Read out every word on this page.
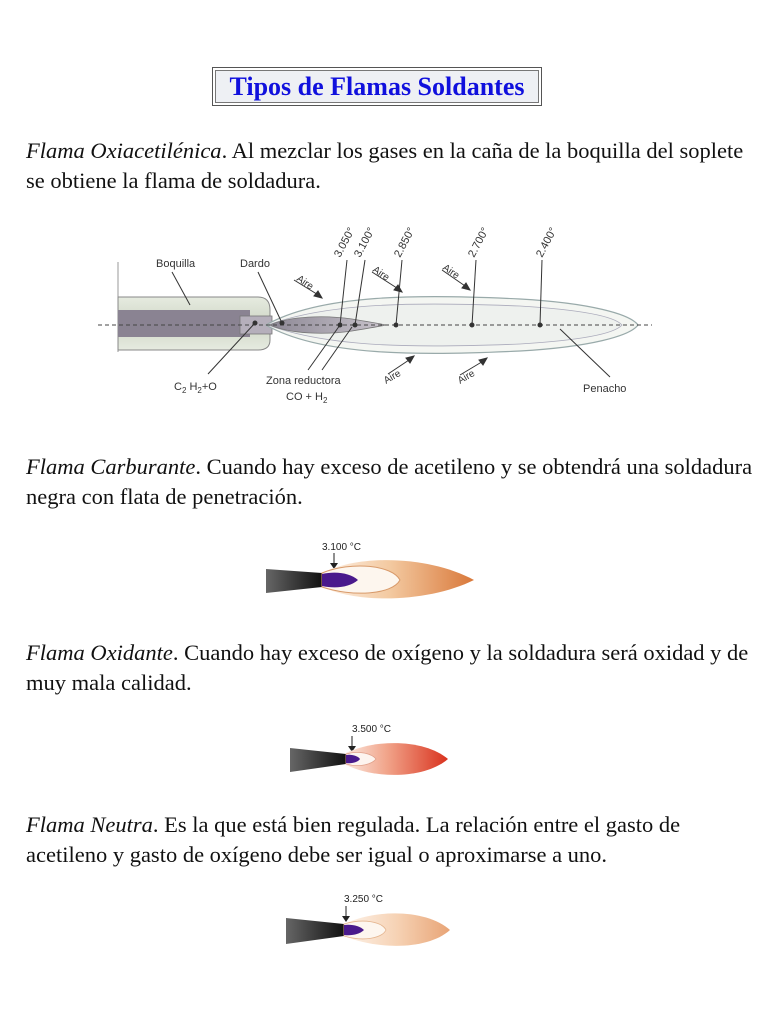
Tipos de Flamas Soldantes
Flama Oxiacetilénica. Al mezclar los gases en la caña de la boquilla del soplete se obtiene la flama de soldadura.
Boquilla	Dardo
3.050°
3.100° 2.850°	2.700°	2.400°
Aire	Aire	Aire
Aire	Aire
$C_2$ $H_2+O$	Zona reductora
CO + $H_2$
Penacho
Flama Carburante. Cuando hay exceso de acetileno y se obtendrá una soldadura negra con flata de penetración.
3.100 °C
Flama Oxidante. Cuando hay exceso de oxígeno y la soldadura será oxidad y de muy mala calidad.
3.500 °C
Flama Neutra. Es la que está bien regulada. La relación entre el gasto de acetileno y gasto de oxígeno debe ser igual o aproximarse a uno.
3.250 °C
